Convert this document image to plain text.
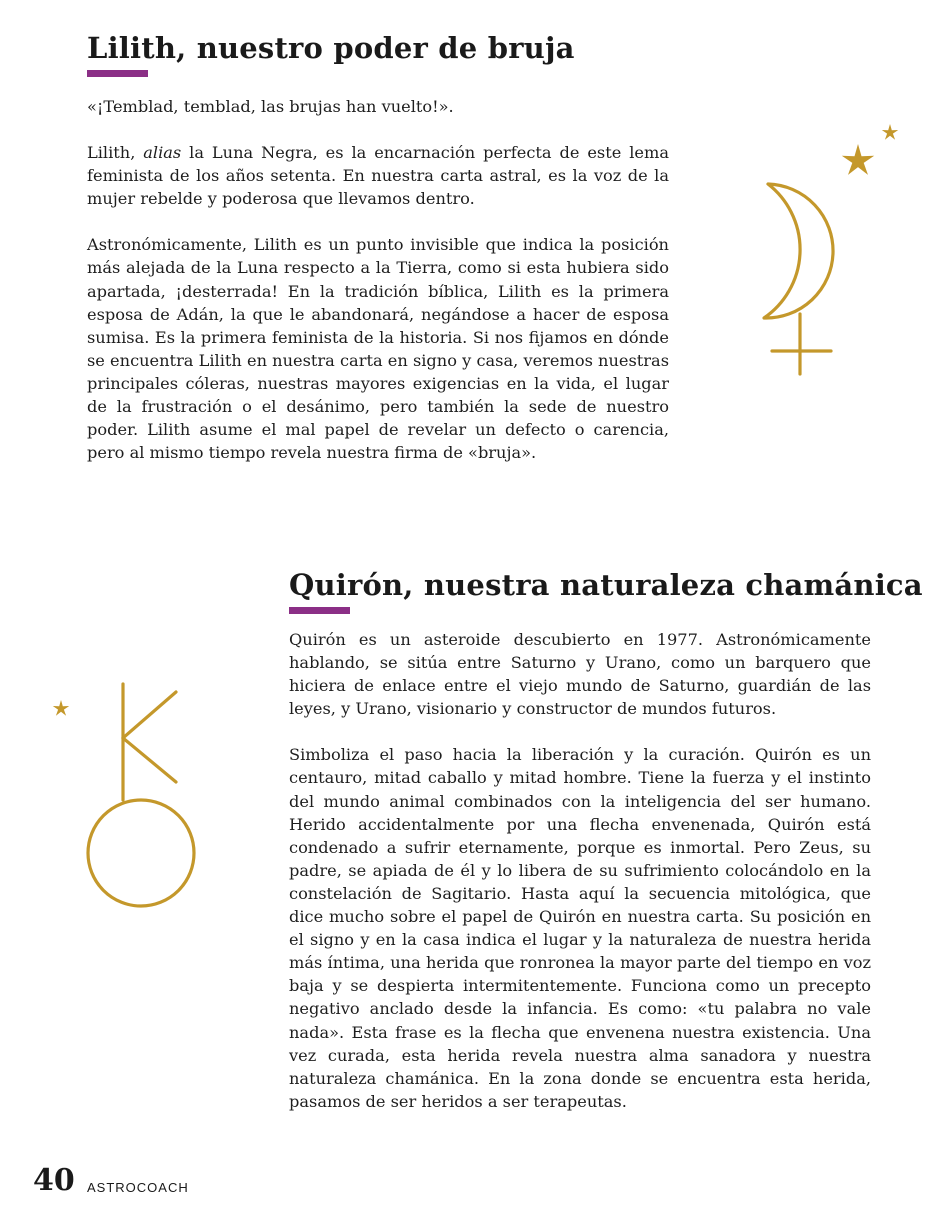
Lilith, nuestro poder de bruja

«¡Temblad, temblad, las brujas han vuelto!».

Lilith, alias la Luna Negra, es la encarnación perfecta de este lema feminista de los años setenta. En nuestra carta astral, es la voz de la mujer rebelde y poderosa que llevamos dentro.

Astronómicamente, Lilith es un punto invisible que indica la posición más alejada de la Luna respecto a la Tierra, como si esta hubiera sido apartada, ¡desterrada! En la tradición bíblica, Lilith es la primera esposa de Adán, la que le abandonará, negándose a hacer de esposa sumisa. Es la primera feminista de la historia. Si nos fijamos en dónde se encuentra Lilith en nuestra carta en signo y casa, veremos nuestras principales cóleras, nuestras mayores exigencias en la vida, el lugar de la frustración o el desánimo, pero también la sede de nuestro poder. Lilith asume el mal papel de revelar un defecto o carencia, pero al mismo tiempo revela nuestra firma de «bruja».

Quirón, nuestra naturaleza chamánica

Quirón es un asteroide descubierto en 1977. Astronómicamente hablando, se sitúa entre Saturno y Urano, como un barquero que hiciera de enlace entre el viejo mundo de Saturno, guardián de las leyes, y Urano, visionario y constructor de mundos futuros.

Simboliza el paso hacia la liberación y la curación. Quirón es un centauro, mitad caballo y mitad hombre. Tiene la fuerza y el instinto del mundo animal combinados con la inteligencia del ser humano. Herido accidentalmente por una flecha envenenada, Quirón está condenado a sufrir eternamente, porque es inmortal. Pero Zeus, su padre, se apiada de él y lo libera de su sufrimiento colocándolo en la constelación de Sagitario. Hasta aquí la secuencia mitológica, que dice mucho sobre el papel de Quirón en nuestra carta. Su posición en el signo y en la casa indica el lugar y la naturaleza de nuestra herida más íntima, una herida que ronronea la mayor parte del tiempo en voz baja y se despierta intermitentemente. Funciona como un precepto negativo anclado desde la infancia. Es como: «tu palabra no vale nada». Esta frase es la flecha que envenena nuestra existencia. Una vez curada, esta herida revela nuestra alma sanadora y nuestra naturaleza chamánica. En la zona donde se encuentra esta herida, pasamos de ser heridos a ser terapeutas.

40 ASTROCOACH
